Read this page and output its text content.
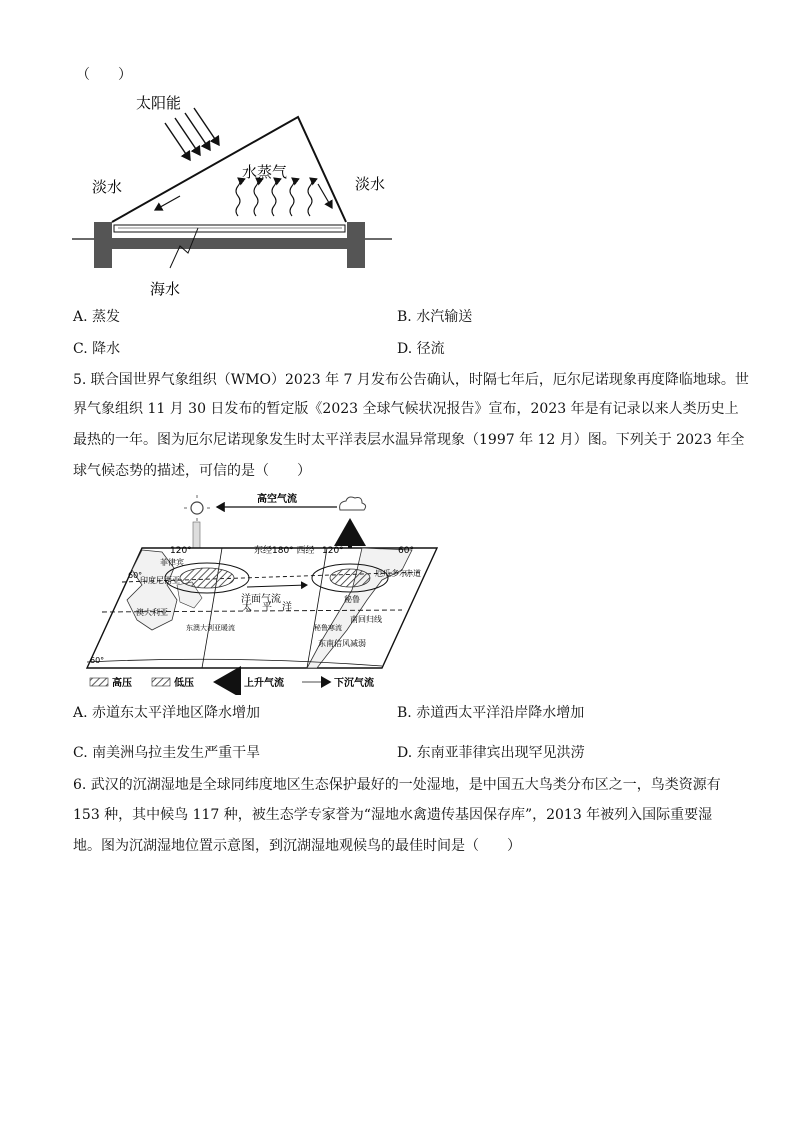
（　　）
太阳能
水蒸气
淡水	淡水
海水
A. 蒸发	B. 水汽输送
C. 降水	D. 径流
5. 联合国世界气象组织（WMO）2023 年 7 月发布公告确认，时隔七年后，厄尔尼诺现象再度降临地球。世
界气象组织 11 月 30 日发布的暂定版《2023 全球气候状况报告》宣布，2023 年是有记录以来人类历史上
最热的一年。图为厄尔尼诺现象发生时太平洋表层水温异常现象（1997 年 12 月）图。下列关于 2023 年全
球气候态势的描述，可信的是（　　）
高空气流
120°	东经180° 西经 120°	60°
60°
60°
菲律宾
印度尼西亚
澳大利亚	太　平　洋
洋面气流
厄瓜多尔
赤道
秘鲁
南回归线
东南信风减弱
秘鲁寒流
东澳大利亚暖流
高压	低压	上升气流	下沉气流
A. 赤道东太平洋地区降水增加	B. 赤道西太平洋沿岸降水增加
C. 南美洲乌拉圭发生严重干旱	D. 东南亚菲律宾出现罕见洪涝
6. 武汉的沉湖湿地是全球同纬度地区生态保护最好的一处湿地，是中国五大鸟类分布区之一，鸟类资源有
153 种，其中候鸟 117 种，被生态学专家誉为“湿地水禽遗传基因保存库”，2013 年被列入国际重要湿
地。图为沉湖湿地位置示意图，到沉湖湿地观候鸟的最佳时间是（　　）
